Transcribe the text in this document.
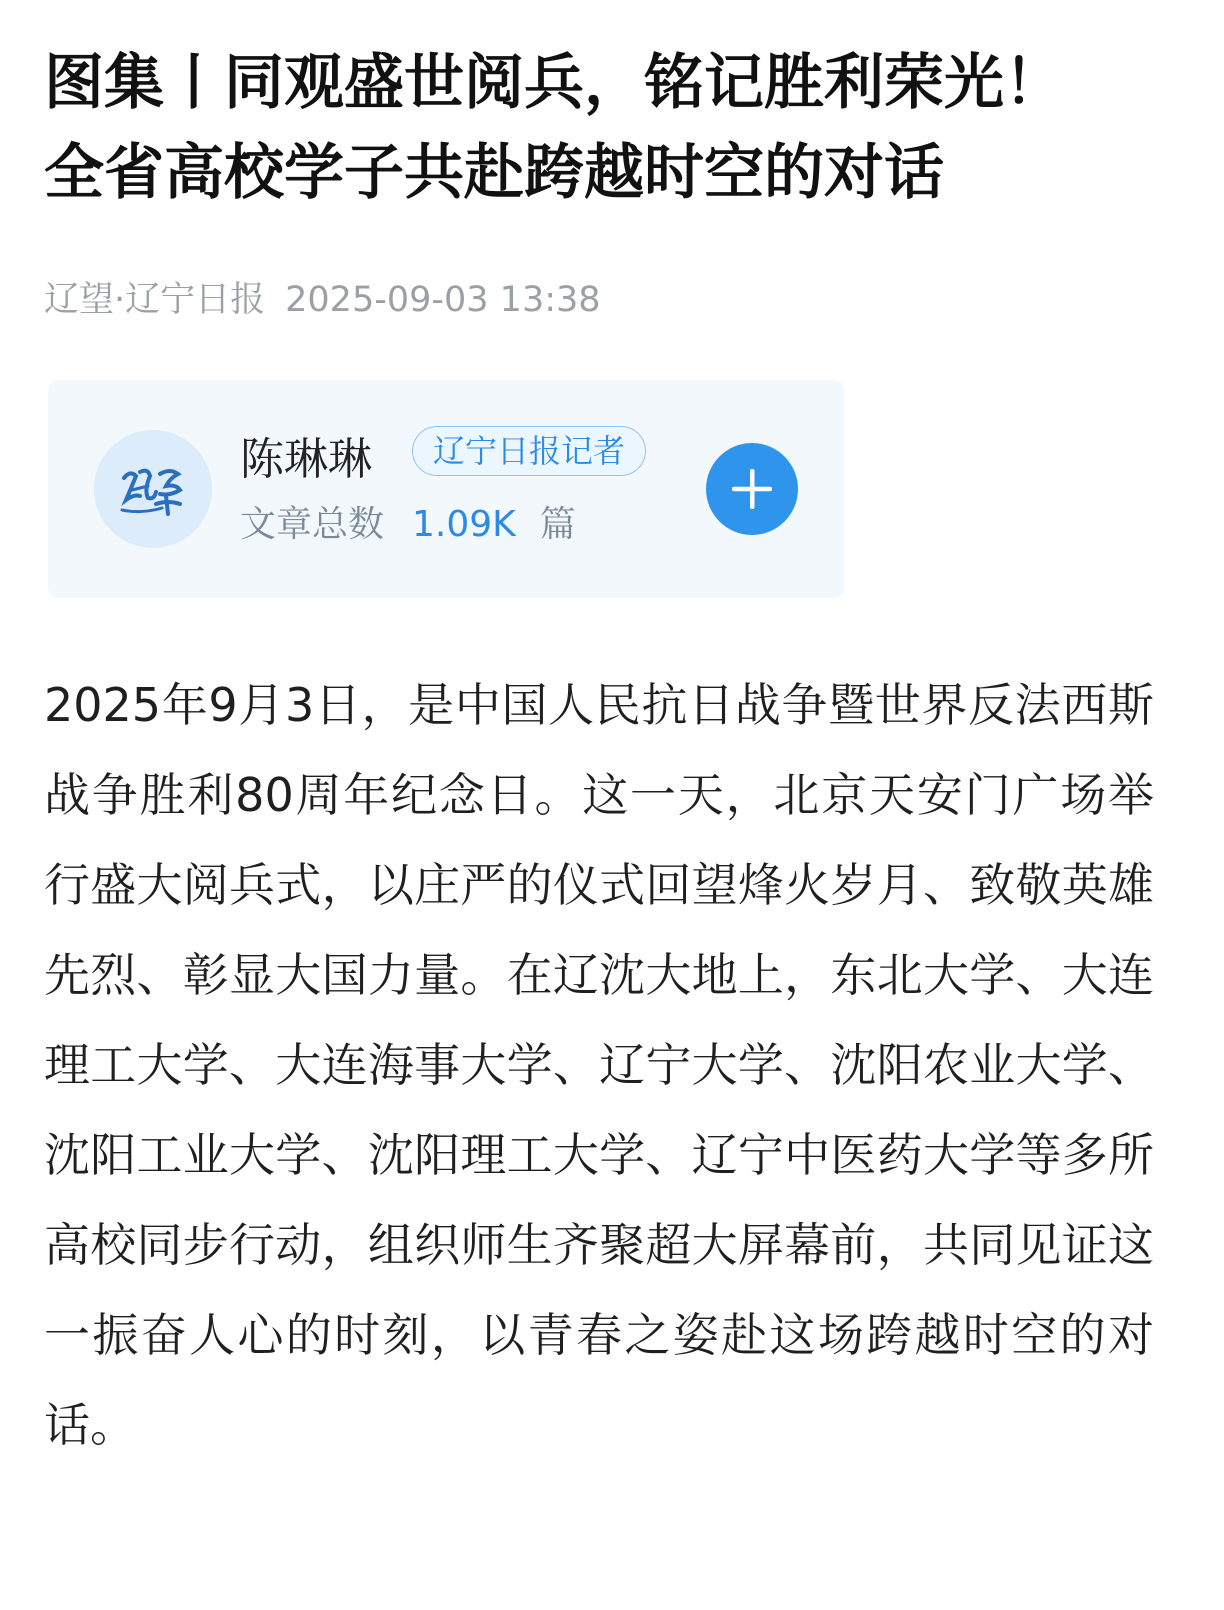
图集丨同观盛世阅兵，铭记胜利荣光！
全省高校学子共赴跨越时空的对话
辽望·辽宁日报 2025-09-03 13:38
陈琳琳	辽宁日报记者
文章总数 1.09K 篇

2025年9月3日，是中国人民抗日战争暨世界反法西斯战争胜利80周年纪念日。这一天，北京天安门广场举行盛大阅兵式，以庄严的仪式回望烽火岁月、致敬英雄先烈、彰显大国力量。在辽沈大地上，东北大学、大连理工大学、大连海事大学、辽宁大学、沈阳农业大学、沈阳工业大学、沈阳理工大学、辽宁中医药大学等多所高校同步行动，组织师生齐聚超大屏幕前，共同见证这一振奋人心的时刻，以青春之姿赴这场跨越时空的对话。
